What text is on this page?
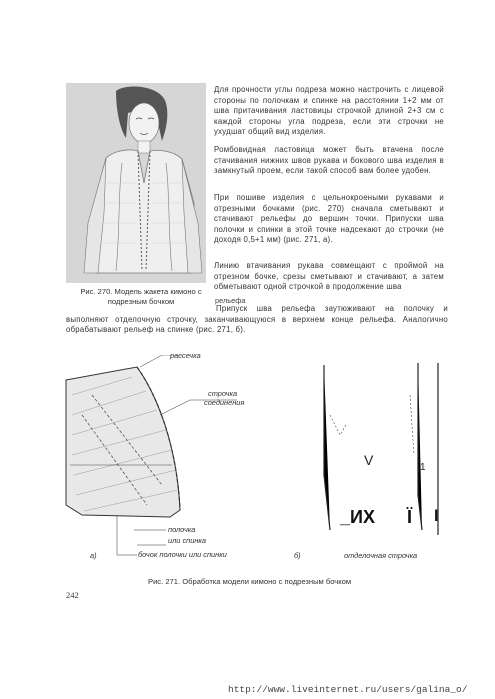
Рис. 270. Модель жакета кимоно с подрезным бочком

Для прочности углы подреза можно настрочить с лицевой стороны по полочкам и спинке на расстоянии 1+2 мм от шва притачивания ластовицы строчкой длиной 2+3 см с каждой стороны угла подреза, если эти строчки не ухудшат общий вид изделия.

Ромбовидная ластовица может быть втачена после стачивания нижних швов рукава и бокового шва изделия в замкнутый проем, если такой способ вам более удобен.

При пошиве изделия с цельнокроеными рукавами и отрезными бочками (рис. 270) сначала сметывают и стачивают рельефы до вершин точки. Припуски шва полочки и спинки в этой точке надсекают до строчки (не доходя 0,5+1 мм) (рис. 271, а).

Линию втачивания рукава совмещают с проймой на отрезном бочке, срезы сметывают и стачивают, а затем обметывают одной строчкой в продолжение шва

рельефа

Припуск шва рельефа заутюживают на полочку и выполняют отделочную строчку, заканчивающуюся в верхнем конце рельефа. Аналогично обрабатывают рельеф на спинке (рис. 271, б).

V	1
_ИХ Ї l
рассечка
строчка
соединения
полочка
или спинка
бочок полочки или спинки
а)	б)	отделочная строчка
Рис. 271. Обработка модели кимоно с подрезным бочком
242
http://www.liveinternet.ru/users/galina_o/
